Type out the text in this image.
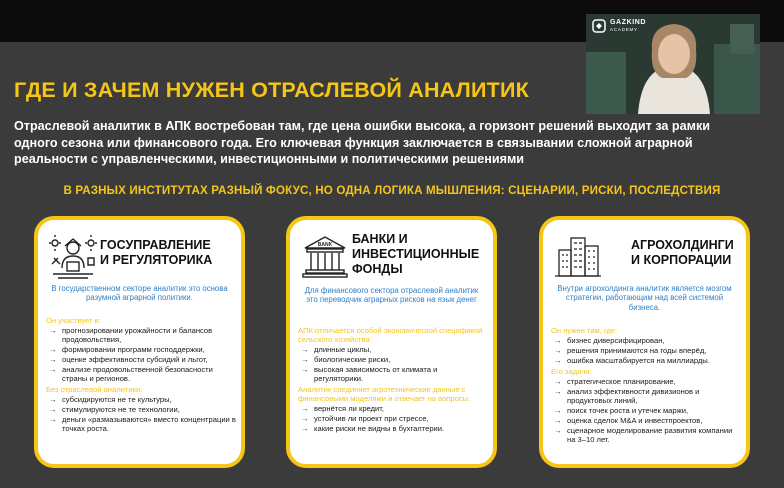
ГДЕ И ЗАЧЕМ НУЖЕН ОТРАСЛЕВОЙ АНАЛИТИК

Отраслевой аналитик в АПК востребован там, где цена ошибки высока, а горизонт решений выходит за рамки одного сезона или финансового года. Его ключевая функция заключается в связывании сложной аграрной реальности с управленческими, инвестиционными и политическими решениями

В РАЗНЫХ ИНСТИТУТАХ РАЗНЫЙ ФОКУС, НО ОДНА ЛОГИКА МЫШЛЕНИЯ: СЦЕНАРИИ, РИСКИ, ПОСЛЕДСТВИЯ

ГОСУПРАВЛЕНИЕ
И РЕГУЛЯТОРИКА
В государственном секторе аналитик это основа разумной аграрной политики.
Он участвует в:
→ прогнозировании урожайности и балансов продовольствия,
→ формировании программ господдержки,
→ оценке эффективности субсидий и льгот,
→ анализе продовольственной безопасности страны и регионов.
Без отраслевой аналитики:
→ субсидируются не те культуры,
→ стимулируются не те технологии,
→ деньги «размазываются» вместо концентрации в точках роста.
BANK БАНКИ И
ИНВЕСТИЦИОННЫЕ
ФОНДЫ
Для финансового сектора отраслевой аналитик это переводчик аграрных рисков на язык денег
АПК отличается особой экономической спецификой сельского хозяйства:
→ длинные циклы,
→ биологические риски,
→ высокая зависимость от климата и регуляторики.
Аналитик соединяет агротехнические данные с финансовыми моделями и отвечает на вопросы:
→ вернётся ли кредит,
→ устойчив ли проект при стрессе,
→ какие риски не видны в бухгалтерии.
АГРОХОЛДИНГИ
И КОРПОРАЦИИ
Внутри агрохолдинга аналитик является мозгом стратегии, работающим над всей системой бизнеса.
Он нужен там, где:
→ бизнес диверсифицирован,
→ решения принимаются на годы вперёд,
→ ошибка масштабируется на миллиарды.
Его задачи:
→ стратегическое планирование,
→ анализ эффективности дивизионов и продуктовых линий,
→ поиск точек роста и утечек маржи,
→ оценка сделок M&A и инвестпроектов,
→ сценарное моделирование развития компании на 3–10 лет.
GAZKIND
ACADEMY
